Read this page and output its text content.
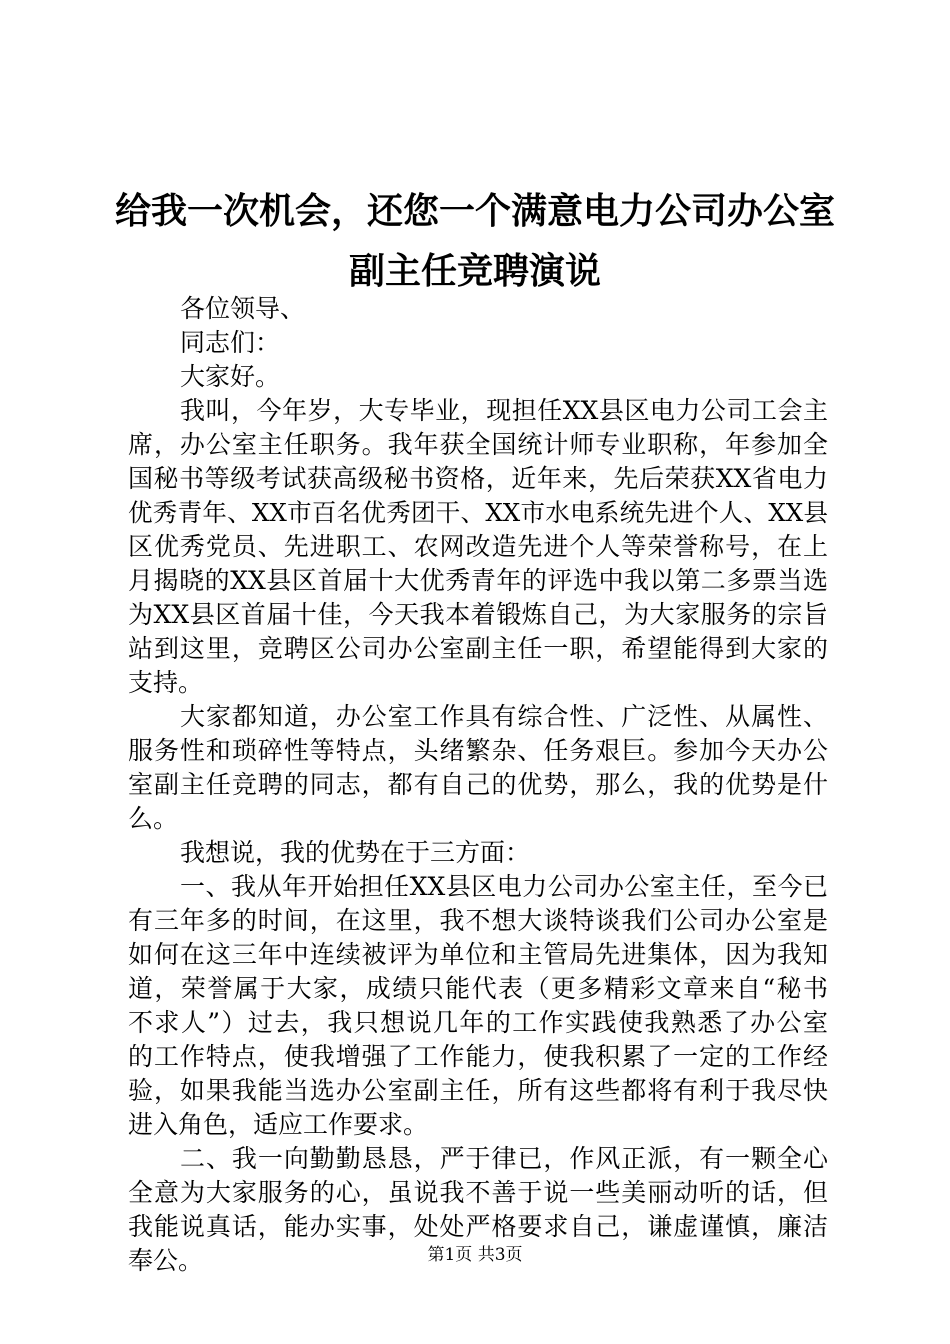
给我一次机会，还您一个满意电力公司办公室
副主任竞聘演说
各位领导、
同志们：
大家好。
我叫，今年岁，大专毕业，现担任XX县区电力公司工会主
席，办公室主任职务。我年获全国统计师专业职称，年参加全
国秘书等级考试获高级秘书资格，近年来，先后荣获XX省电力
优秀青年、XX市百名优秀团干、XX市水电系统先进个人、XX县
区优秀党员、先进职工、农网改造先进个人等荣誉称号，在上
月揭晓的XX县区首届十大优秀青年的评选中我以第二多票当选
为XX县区首届十佳，今天我本着锻炼自己，为大家服务的宗旨
站到这里，竞聘区公司办公室副主任一职，希望能得到大家的
支持。
大家都知道，办公室工作具有综合性、广泛性、从属性、
服务性和琐碎性等特点，头绪繁杂、任务艰巨。参加今天办公
室副主任竞聘的同志，都有自己的优势，那么，我的优势是什
么。
我想说，我的优势在于三方面：
一、我从年开始担任XX县区电力公司办公室主任，至今已
有三年多的时间，在这里，我不想大谈特谈我们公司办公室是
如何在这三年中连续被评为单位和主管局先进集体，因为我知
道，荣誉属于大家，成绩只能代表（更多精彩文章来自“秘书
不求人”）过去，我只想说几年的工作实践使我熟悉了办公室
的工作特点，使我增强了工作能力，使我积累了一定的工作经
验，如果我能当选办公室副主任，所有这些都将有利于我尽快
进入角色，适应工作要求。
二、我一向勤勤恳恳，严于律已，作风正派，有一颗全心
全意为大家服务的心，虽说我不善于说一些美丽动听的话，但
我能说真话，能办实事，处处严格要求自己，谦虚谨慎，廉洁
奉公。	第1页 共3页
